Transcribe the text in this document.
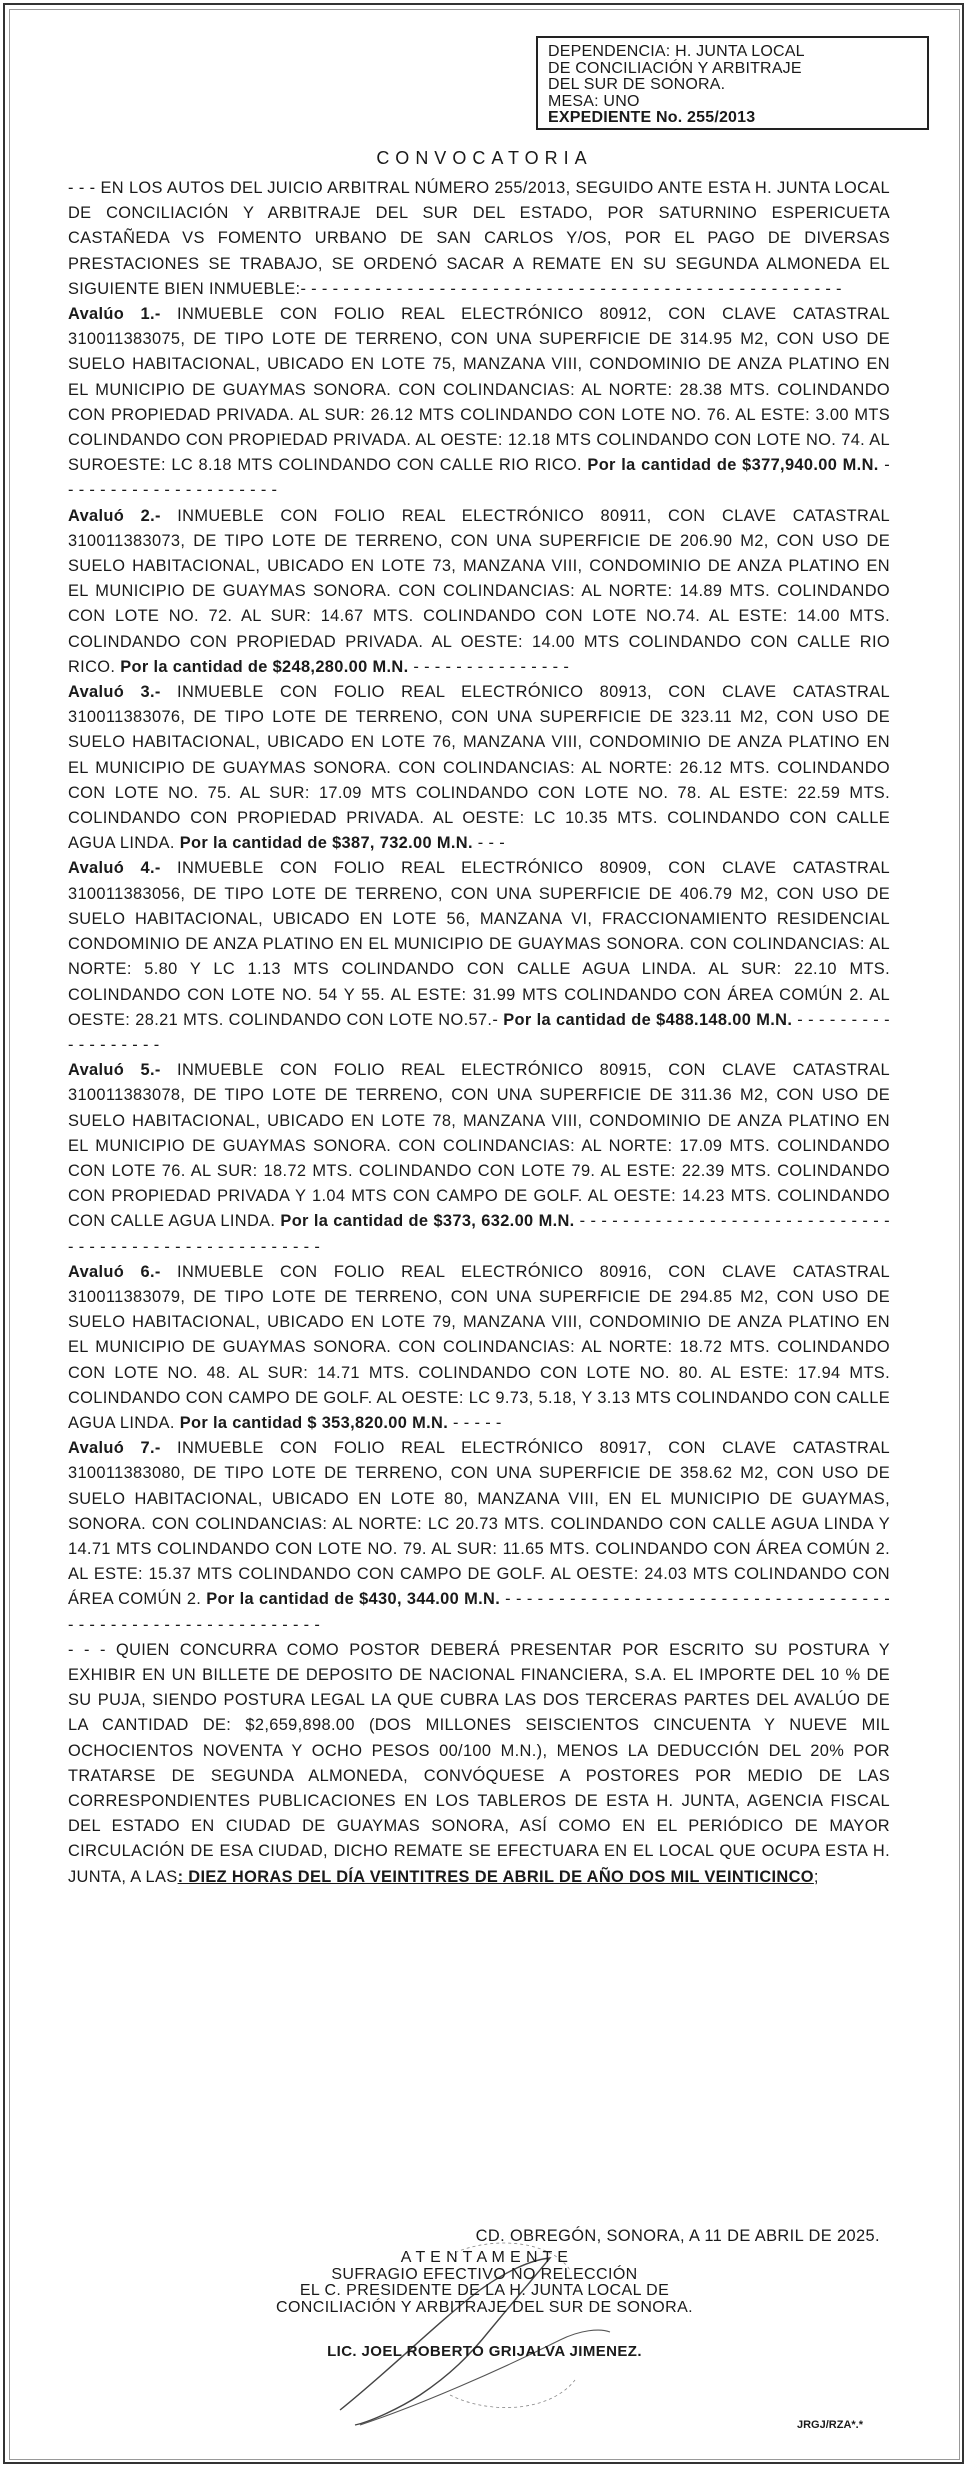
DEPENDENCIA: H. JUNTA LOCAL
DE CONCILIACIÓN Y ARBITRAJE
DEL SUR DE SONORA.
MESA: UNO
EXPEDIENTE No. 255/2013
CONVOCATORIA

- - - EN LOS AUTOS DEL JUICIO ARBITRAL NÚMERO 255/2013, SEGUIDO ANTE ESTA H. JUNTA LOCAL DE CONCILIACIÓN Y ARBITRAJE DEL SUR DEL ESTADO, POR SATURNINO ESPERICUETA CASTAÑEDA VS FOMENTO URBANO DE SAN CARLOS Y/OS, POR EL PAGO DE DIVERSAS PRESTACIONES SE TRABAJO, SE ORDENÓ SACAR A REMATE EN SU SEGUNDA ALMONEDA EL SIGUIENTE BIEN INMUEBLE:- - - - - - - - - - - - - - - - - - - - - - - - - - - - - - - - - - - - - - - - - - - - - - - - - - -

Avalúo 1.- INMUEBLE CON FOLIO REAL ELECTRÓNICO 80912, CON CLAVE CATASTRAL 310011383075, DE TIPO LOTE DE TERRENO, CON UNA SUPERFICIE DE 314.95 M2, CON USO DE SUELO HABITACIONAL, UBICADO EN LOTE 75, MANZANA VIII, CONDOMINIO DE ANZA PLATINO EN EL MUNICIPIO DE GUAYMAS SONORA. CON COLINDANCIAS: AL NORTE: 28.38 MTS. COLINDANDO CON PROPIEDAD PRIVADA. AL SUR: 26.12 MTS COLINDANDO CON LOTE NO. 76. AL ESTE: 3.00 MTS COLINDANDO CON PROPIEDAD PRIVADA. AL OESTE: 12.18 MTS COLINDANDO CON LOTE NO. 74. AL SUROESTE: LC 8.18 MTS COLINDANDO CON CALLE RIO RICO. Por la cantidad de $377,940.00 M.N. - - - - - - - - - - - - - - - - - - - - -

Avaluó 2.- INMUEBLE CON FOLIO REAL ELECTRÓNICO 80911, CON CLAVE CATASTRAL 310011383073, DE TIPO LOTE DE TERRENO, CON UNA SUPERFICIE DE 206.90 M2, CON USO DE SUELO HABITACIONAL, UBICADO EN LOTE 73, MANZANA VIII, CONDOMINIO DE ANZA PLATINO EN EL MUNICIPIO DE GUAYMAS SONORA. CON COLINDANCIAS: AL NORTE: 14.89 MTS. COLINDANDO CON LOTE NO. 72. AL SUR: 14.67 MTS. COLINDANDO CON LOTE NO.74. AL ESTE: 14.00 MTS. COLINDANDO CON PROPIEDAD PRIVADA. AL OESTE: 14.00 MTS COLINDANDO CON CALLE RIO RICO. Por la cantidad de $248,280.00 M.N. - - - - - - - - - - - - - - -

Avaluó 3.- INMUEBLE CON FOLIO REAL ELECTRÓNICO 80913, CON CLAVE CATASTRAL 310011383076, DE TIPO LOTE DE TERRENO, CON UNA SUPERFICIE DE 323.11 M2, CON USO DE SUELO HABITACIONAL, UBICADO EN LOTE 76, MANZANA VIII, CONDOMINIO DE ANZA PLATINO EN EL MUNICIPIO DE GUAYMAS SONORA. CON COLINDANCIAS: AL NORTE: 26.12 MTS. COLINDANDO CON LOTE NO. 75. AL SUR: 17.09 MTS COLINDANDO CON LOTE NO. 78. AL ESTE: 22.59 MTS. COLINDANDO CON PROPIEDAD PRIVADA. AL OESTE: LC 10.35 MTS. COLINDANDO CON CALLE AGUA LINDA. Por la cantidad de $387, 732.00 M.N. - - -

Avaluó 4.- INMUEBLE CON FOLIO REAL ELECTRÓNICO 80909, CON CLAVE CATASTRAL 310011383056, DE TIPO LOTE DE TERRENO, CON UNA SUPERFICIE DE 406.79 M2, CON USO DE SUELO HABITACIONAL, UBICADO EN LOTE 56, MANZANA VI, FRACCIONAMIENTO RESIDENCIAL CONDOMINIO DE ANZA PLATINO EN EL MUNICIPIO DE GUAYMAS SONORA. CON COLINDANCIAS: AL NORTE: 5.80 Y LC 1.13 MTS COLINDANDO CON CALLE AGUA LINDA. AL SUR: 22.10 MTS. COLINDANDO CON LOTE NO. 54 Y 55. AL ESTE: 31.99 MTS COLINDANDO CON ÁREA COMÚN 2. AL OESTE: 28.21 MTS. COLINDANDO CON LOTE NO.57.- Por la cantidad de $488.148.00 M.N. - - - - - - - - - - - - - - - - - -

Avaluó 5.- INMUEBLE CON FOLIO REAL ELECTRÓNICO 80915, CON CLAVE CATASTRAL 310011383078, DE TIPO LOTE DE TERRENO, CON UNA SUPERFICIE DE 311.36 M2, CON USO DE SUELO HABITACIONAL, UBICADO EN LOTE 78, MANZANA VIII, CONDOMINIO DE ANZA PLATINO EN EL MUNICIPIO DE GUAYMAS SONORA. CON COLINDANCIAS: AL NORTE: 17.09 MTS. COLINDANDO CON LOTE 76. AL SUR: 18.72 MTS. COLINDANDO CON LOTE 79. AL ESTE: 22.39 MTS. COLINDANDO CON PROPIEDAD PRIVADA Y 1.04 MTS CON CAMPO DE GOLF. AL OESTE: 14.23 MTS. COLINDANDO CON CALLE AGUA LINDA. Por la cantidad de $373, 632.00 M.N. - - - - - - - - - - - - - - - - - - - - - - - - - - - - - - - - - - - - - - - - - - - - - - - - - - - - -

Avaluó 6.- INMUEBLE CON FOLIO REAL ELECTRÓNICO 80916, CON CLAVE CATASTRAL 310011383079, DE TIPO LOTE DE TERRENO, CON UNA SUPERFICIE DE 294.85 M2, CON USO DE SUELO HABITACIONAL, UBICADO EN LOTE 79, MANZANA VIII, CONDOMINIO DE ANZA PLATINO EN EL MUNICIPIO DE GUAYMAS SONORA. CON COLINDANCIAS: AL NORTE: 18.72 MTS. COLINDANDO CON LOTE NO. 48. AL SUR: 14.71 MTS. COLINDANDO CON LOTE NO. 80. AL ESTE: 17.94 MTS. COLINDANDO CON CAMPO DE GOLF. AL OESTE: LC 9.73, 5.18, Y 3.13 MTS COLINDANDO CON CALLE AGUA LINDA. Por la cantidad $ 353,820.00 M.N. - - - - -

Avaluó 7.- INMUEBLE CON FOLIO REAL ELECTRÓNICO 80917, CON CLAVE CATASTRAL 310011383080, DE TIPO LOTE DE TERRENO, CON UNA SUPERFICIE DE 358.62 M2, CON USO DE SUELO HABITACIONAL, UBICADO EN LOTE 80, MANZANA VIII, EN EL MUNICIPIO DE GUAYMAS, SONORA. CON COLINDANCIAS: AL NORTE: LC 20.73 MTS. COLINDANDO CON CALLE AGUA LINDA Y 14.71 MTS COLINDANDO CON LOTE NO. 79. AL SUR: 11.65 MTS. COLINDANDO CON ÁREA COMÚN 2. AL ESTE: 15.37 MTS COLINDANDO CON CAMPO DE GOLF. AL OESTE: 24.03 MTS COLINDANDO CON ÁREA COMÚN 2. Por la cantidad de $430, 344.00 M.N. - - - - - - - - - - - - - - - - - - - - - - - - - - - - - - - - - - - - - - - - - - - - - - - - - - - - - - - - - - - -

- - - QUIEN CONCURRA COMO POSTOR DEBERÁ PRESENTAR POR ESCRITO SU POSTURA Y EXHIBIR EN UN BILLETE DE DEPOSITO DE NACIONAL FINANCIERA, S.A. EL IMPORTE DEL 10 % DE SU PUJA, SIENDO POSTURA LEGAL LA QUE CUBRA LAS DOS TERCERAS PARTES DEL AVALÚO DE LA CANTIDAD DE: $2,659,898.00 (DOS MILLONES SEISCIENTOS CINCUENTA Y NUEVE MIL OCHOCIENTOS NOVENTA Y OCHO PESOS 00/100 M.N.), MENOS LA DEDUCCIÓN DEL 20% POR TRATARSE DE SEGUNDA ALMONEDA, CONVÓQUESE A POSTORES POR MEDIO DE LAS CORRESPONDIENTES PUBLICACIONES EN LOS TABLEROS DE ESTA H. JUNTA, AGENCIA FISCAL DEL ESTADO EN CIUDAD DE GUAYMAS SONORA, ASÍ COMO EN EL PERIÓDICO DE MAYOR CIRCULACIÓN DE ESA CIUDAD, DICHO REMATE SE EFECTUARA EN EL LOCAL QUE OCUPA ESTA H. JUNTA, A LAS: DIEZ HORAS DEL DÍA VEINTITRES DE ABRIL DE AÑO DOS MIL VEINTICINCO;

CD. OBREGÓN, SONORA, A 11 DE ABRIL DE 2025.
A T E N T A M E N T E
SUFRAGIO EFECTIVO NO RELECCIÓN
EL C. PRESIDENTE DE LA H. JUNTA LOCAL DE
CONCILIACIÓN Y ARBITRAJE DEL SUR DE SONORA.
LIC. JOEL ROBERTO GRIJALVA JIMENEZ.
JRGJ/RZA*.*
